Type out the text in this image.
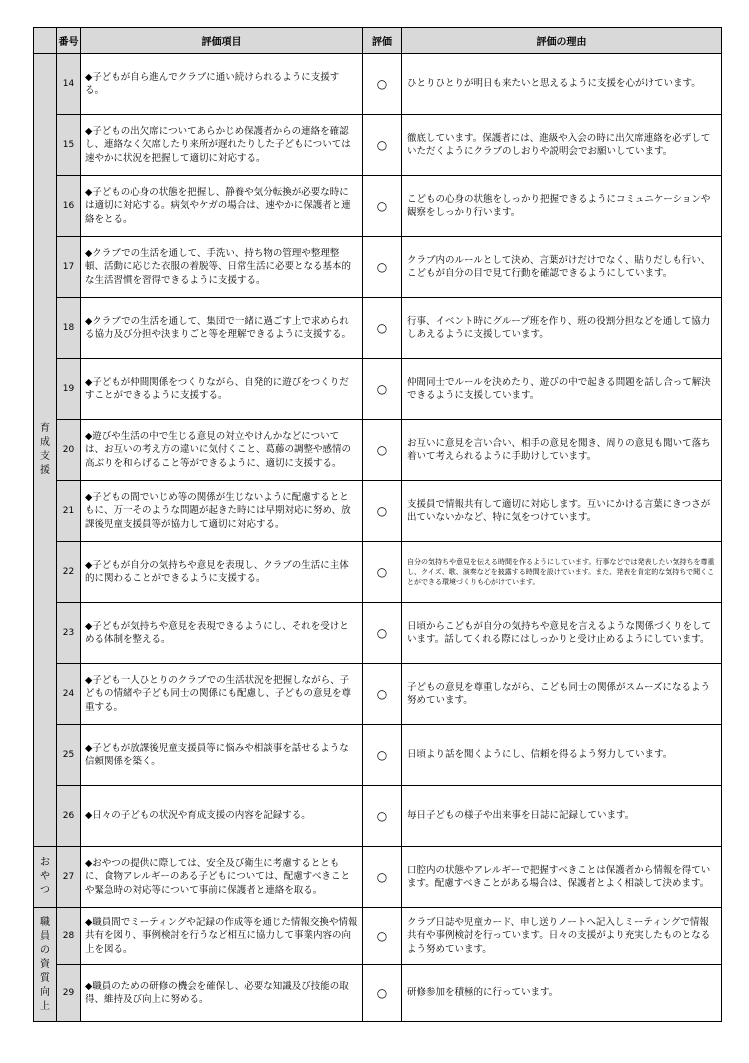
	番号	評価項目	評価	評価の理由
育成支援	14	◆子どもが自ら進んでクラブに通い続けられるように支援する。	○	ひとりひとりが明日も来たいと思えるように支援を心がけています。
	15	◆子どもの出欠席についてあらかじめ保護者からの連絡を確認し、連絡なく欠席したり来所が遅れたりした子どもについては速やかに状況を把握して適切に対応する。	○	徹底しています。保護者には、進級や入会の時に出欠席連絡を必ずしていただくようにクラブのしおりや説明会でお願いしています。
	16	◆子どもの心身の状態を把握し、静養や気分転換が必要な時には適切に対応する。病気やケガの場合は、速やかに保護者と連絡をとる。	○	こどもの心身の状態をしっかり把握できるようにコミュニケーションや観察をしっかり行います。
	17	◆クラブでの生活を通して、手洗い、持ち物の管理や整理整頓、活動に応じた衣服の着脱等、日常生活に必要となる基本的な生活習慣を習得できるように支援する。	○	クラブ内のルールとして決め、言葉がけだけでなく、貼りだしも行い、こどもが自分の目で見て行動を確認できるようにしています。
	18	◆クラブでの生活を通して、集団で一緒に過ごす上で求められる協力及び分担や決まりごと等を理解できるように支援する。	○	行事、イベント時にグループ班を作り、班の役割分担などを通して協力しあえるように支援しています。
	19	◆子どもが仲間関係をつくりながら、自発的に遊びをつくりだすことができるように支援する。	○	仲間同士でルールを決めたり、遊びの中で起きる問題を話し合って解決できるように支援しています。
	20	◆遊びや生活の中で生じる意見の対立やけんかなどについては、お互いの考え方の違いに気付くこと、葛藤の調整や感情の高ぶりを和らげること等ができるように、適切に支援する。	○	お互いに意見を言い合い、相手の意見を聞き、周りの意見も聞いて落ち着いて考えられるように手助けしています。
	21	◆子どもの間でいじめ等の関係が生じないように配慮するとともに、万一そのような問題が起きた時には早期対応に努め、放課後児童支援員等が協力して適切に対応する。	○	支援員で情報共有して適切に対応します。互いにかける言葉にきつさが出ていないかなど、特に気をつけています。
	22	◆子どもが自分の気持ちや意見を表現し、クラブの生活に主体的に関わることができるように支援する。	○	自分の気持ちや意見を伝える時間を作るようにしています。行事などでは発表したい気持ちを尊重し、クイズ、歌、演奏などを披露する時間を設けています。また、発表を肯定的な気持ちで聞くことができる環境づくりも心がけています。
	23	◆子どもが気持ちや意見を表現できるようにし、それを受けとめる体制を整える。	○	日頃からこどもが自分の気持ちや意見を言えるような関係づくりをしています。話してくれる際にはしっかりと受け止めるようにしています。
	24	◆子ども一人ひとりのクラブでの生活状況を把握しながら、子どもの情緒や子ども同士の関係にも配慮し、子どもの意見を尊重する。	○	子どもの意見を尊重しながら、こども同士の関係がスムーズになるよう努めています。
	25	◆子どもが放課後児童支援員等に悩みや相談事を話せるような信頼関係を築く。	○	日頃より話を聞くようにし、信頼を得るよう努力しています。
	26	◆日々の子どもの状況や育成支援の内容を記録する。	○	毎日子どもの様子や出来事を日誌に記録しています。
おやつ	27	◆おやつの提供に際しては、安全及び衛生に考慮するとともに、食物アレルギーのある子どもについては、配慮すべきことや緊急時の対応等について事前に保護者と連絡を取る。	○	口腔内の状態やアレルギーで把握すべきことは保護者から情報を得ています。配慮すべきことがある場合は、保護者とよく相談して決めます。
職員の資質向上	28	◆職員間でミーティングや記録の作成等を通じた情報交換や情報共有を図り、事例検討を行うなど相互に協力して事業内容の向上を図る。	○	クラブ日誌や児童カード、申し送りノートへ記入しミーティングで情報共有や事例検討を行っています。日々の支援がより充実したものとなるよう努めています。
	29	◆職員のための研修の機会を確保し、必要な知識及び技能の取得、維持及び向上に努める。	○	研修参加を積極的に行っています。
